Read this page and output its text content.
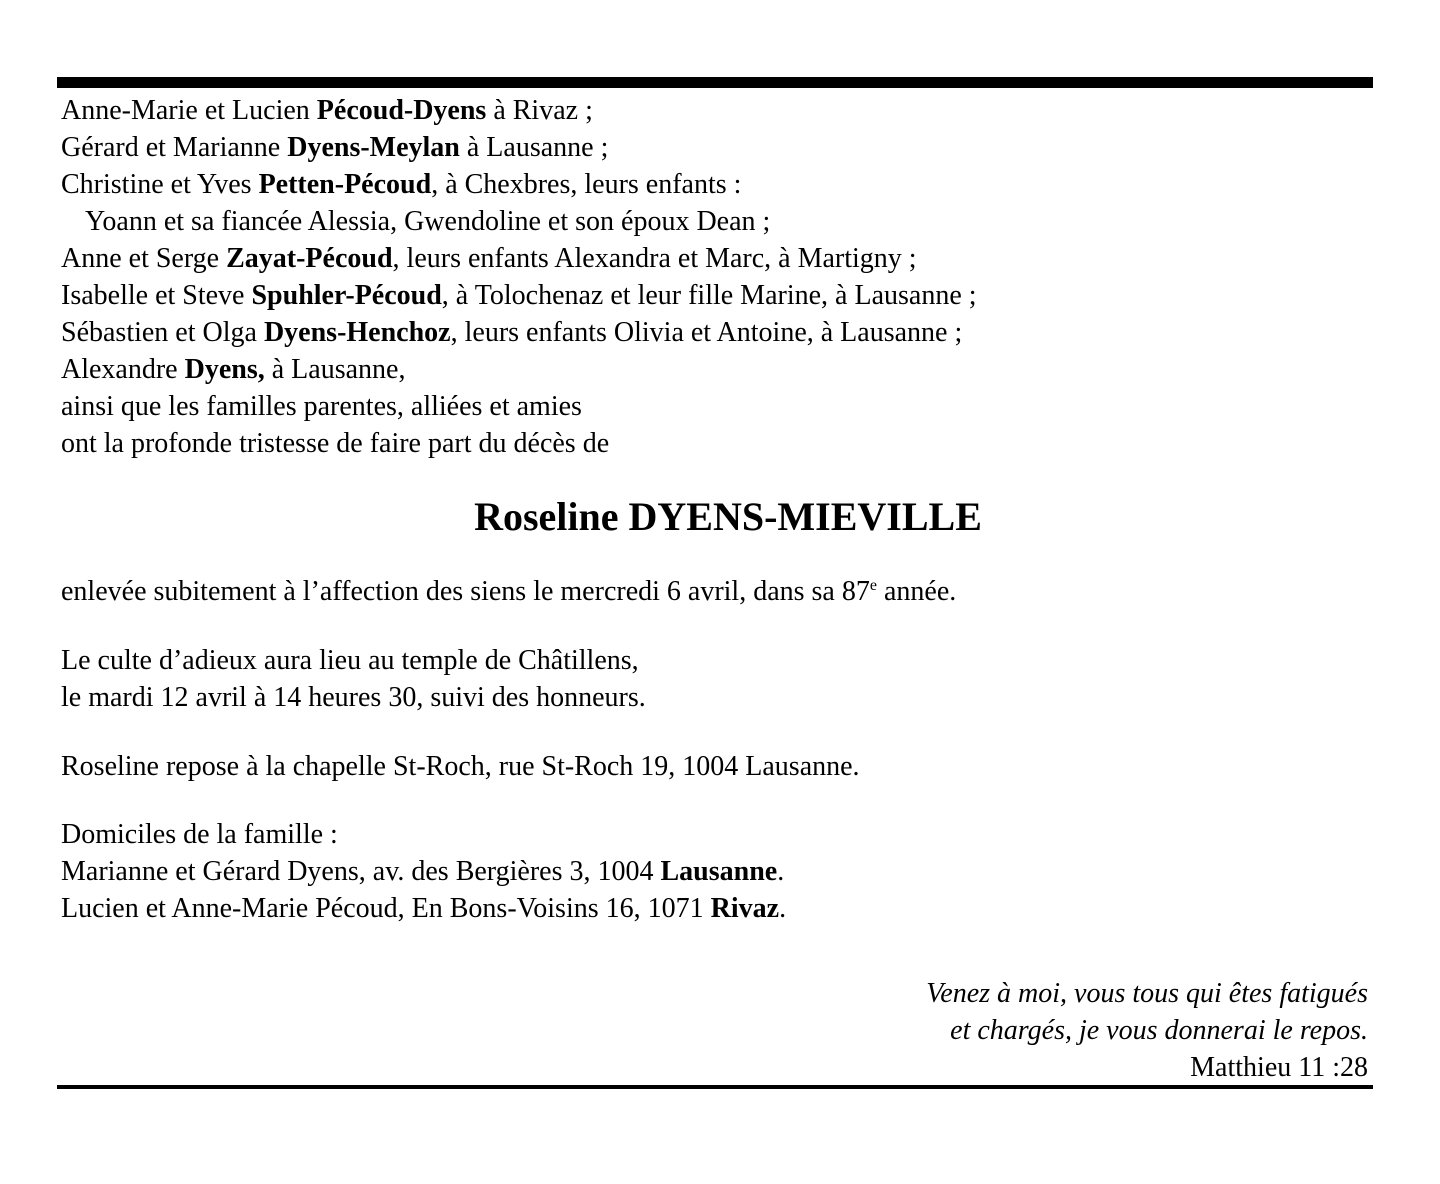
Anne-Marie et Lucien Pécoud-Dyens à Rivaz ;
Gérard et Marianne Dyens-Meylan à Lausanne ;
Christine et Yves Petten-Pécoud, à Chexbres, leurs enfants :
Yoann et sa fiancée Alessia, Gwendoline et son époux Dean ;
Anne et Serge Zayat-Pécoud, leurs enfants Alexandra et Marc, à Martigny ;
Isabelle et Steve Spuhler-Pécoud, à Tolochenaz et leur fille Marine, à Lausanne ;
Sébastien et Olga Dyens-Henchoz, leurs enfants Olivia et Antoine, à Lausanne ;
Alexandre Dyens, à Lausanne,
ainsi que les familles parentes, alliées et amies
ont la profonde tristesse de faire part du décès de
Roseline DYENS-MIEVILLE
enlevée subitement à l’affection des siens le mercredi 6 avril, dans sa 87e année.
Le culte d’adieux aura lieu au temple de Châtillens,
le mardi 12 avril à 14 heures 30, suivi des honneurs.
Roseline repose à la chapelle St-Roch, rue St-Roch 19, 1004 Lausanne.
Domiciles de la famille :
Marianne et Gérard Dyens, av. des Bergières 3, 1004 Lausanne.
Lucien et Anne-Marie Pécoud, En Bons-Voisins 16, 1071 Rivaz.
Venez à moi, vous tous qui êtes fatigués
et chargés, je vous donnerai le repos.
Matthieu 11 :28
